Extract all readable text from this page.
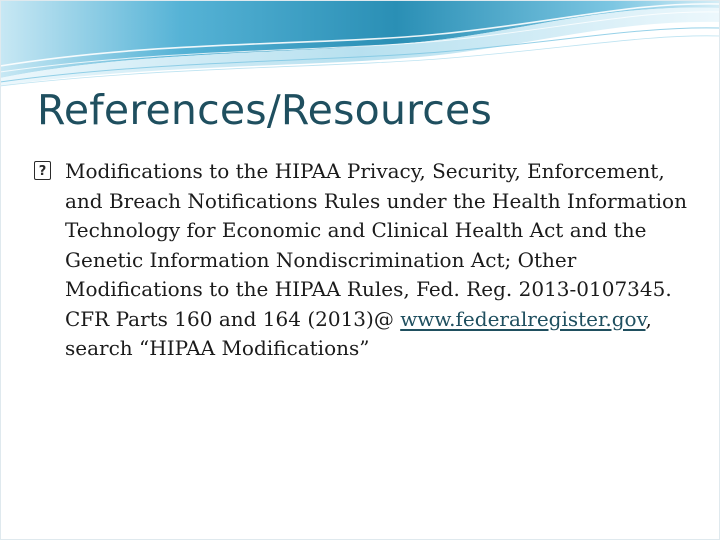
References/Resources
?
Modifications to the HIPAA Privacy, Security, Enforcement, and Breach Notifications Rules under the Health Information Technology for Economic and Clinical Health Act and the Genetic Information Nondiscrimination Act; Other Modifications to the HIPAA Rules, Fed. Reg. 2013-0107345. CFR Parts 160 and 164 (2013)@ www.federalregister.gov, search “HIPAA Modifications”
